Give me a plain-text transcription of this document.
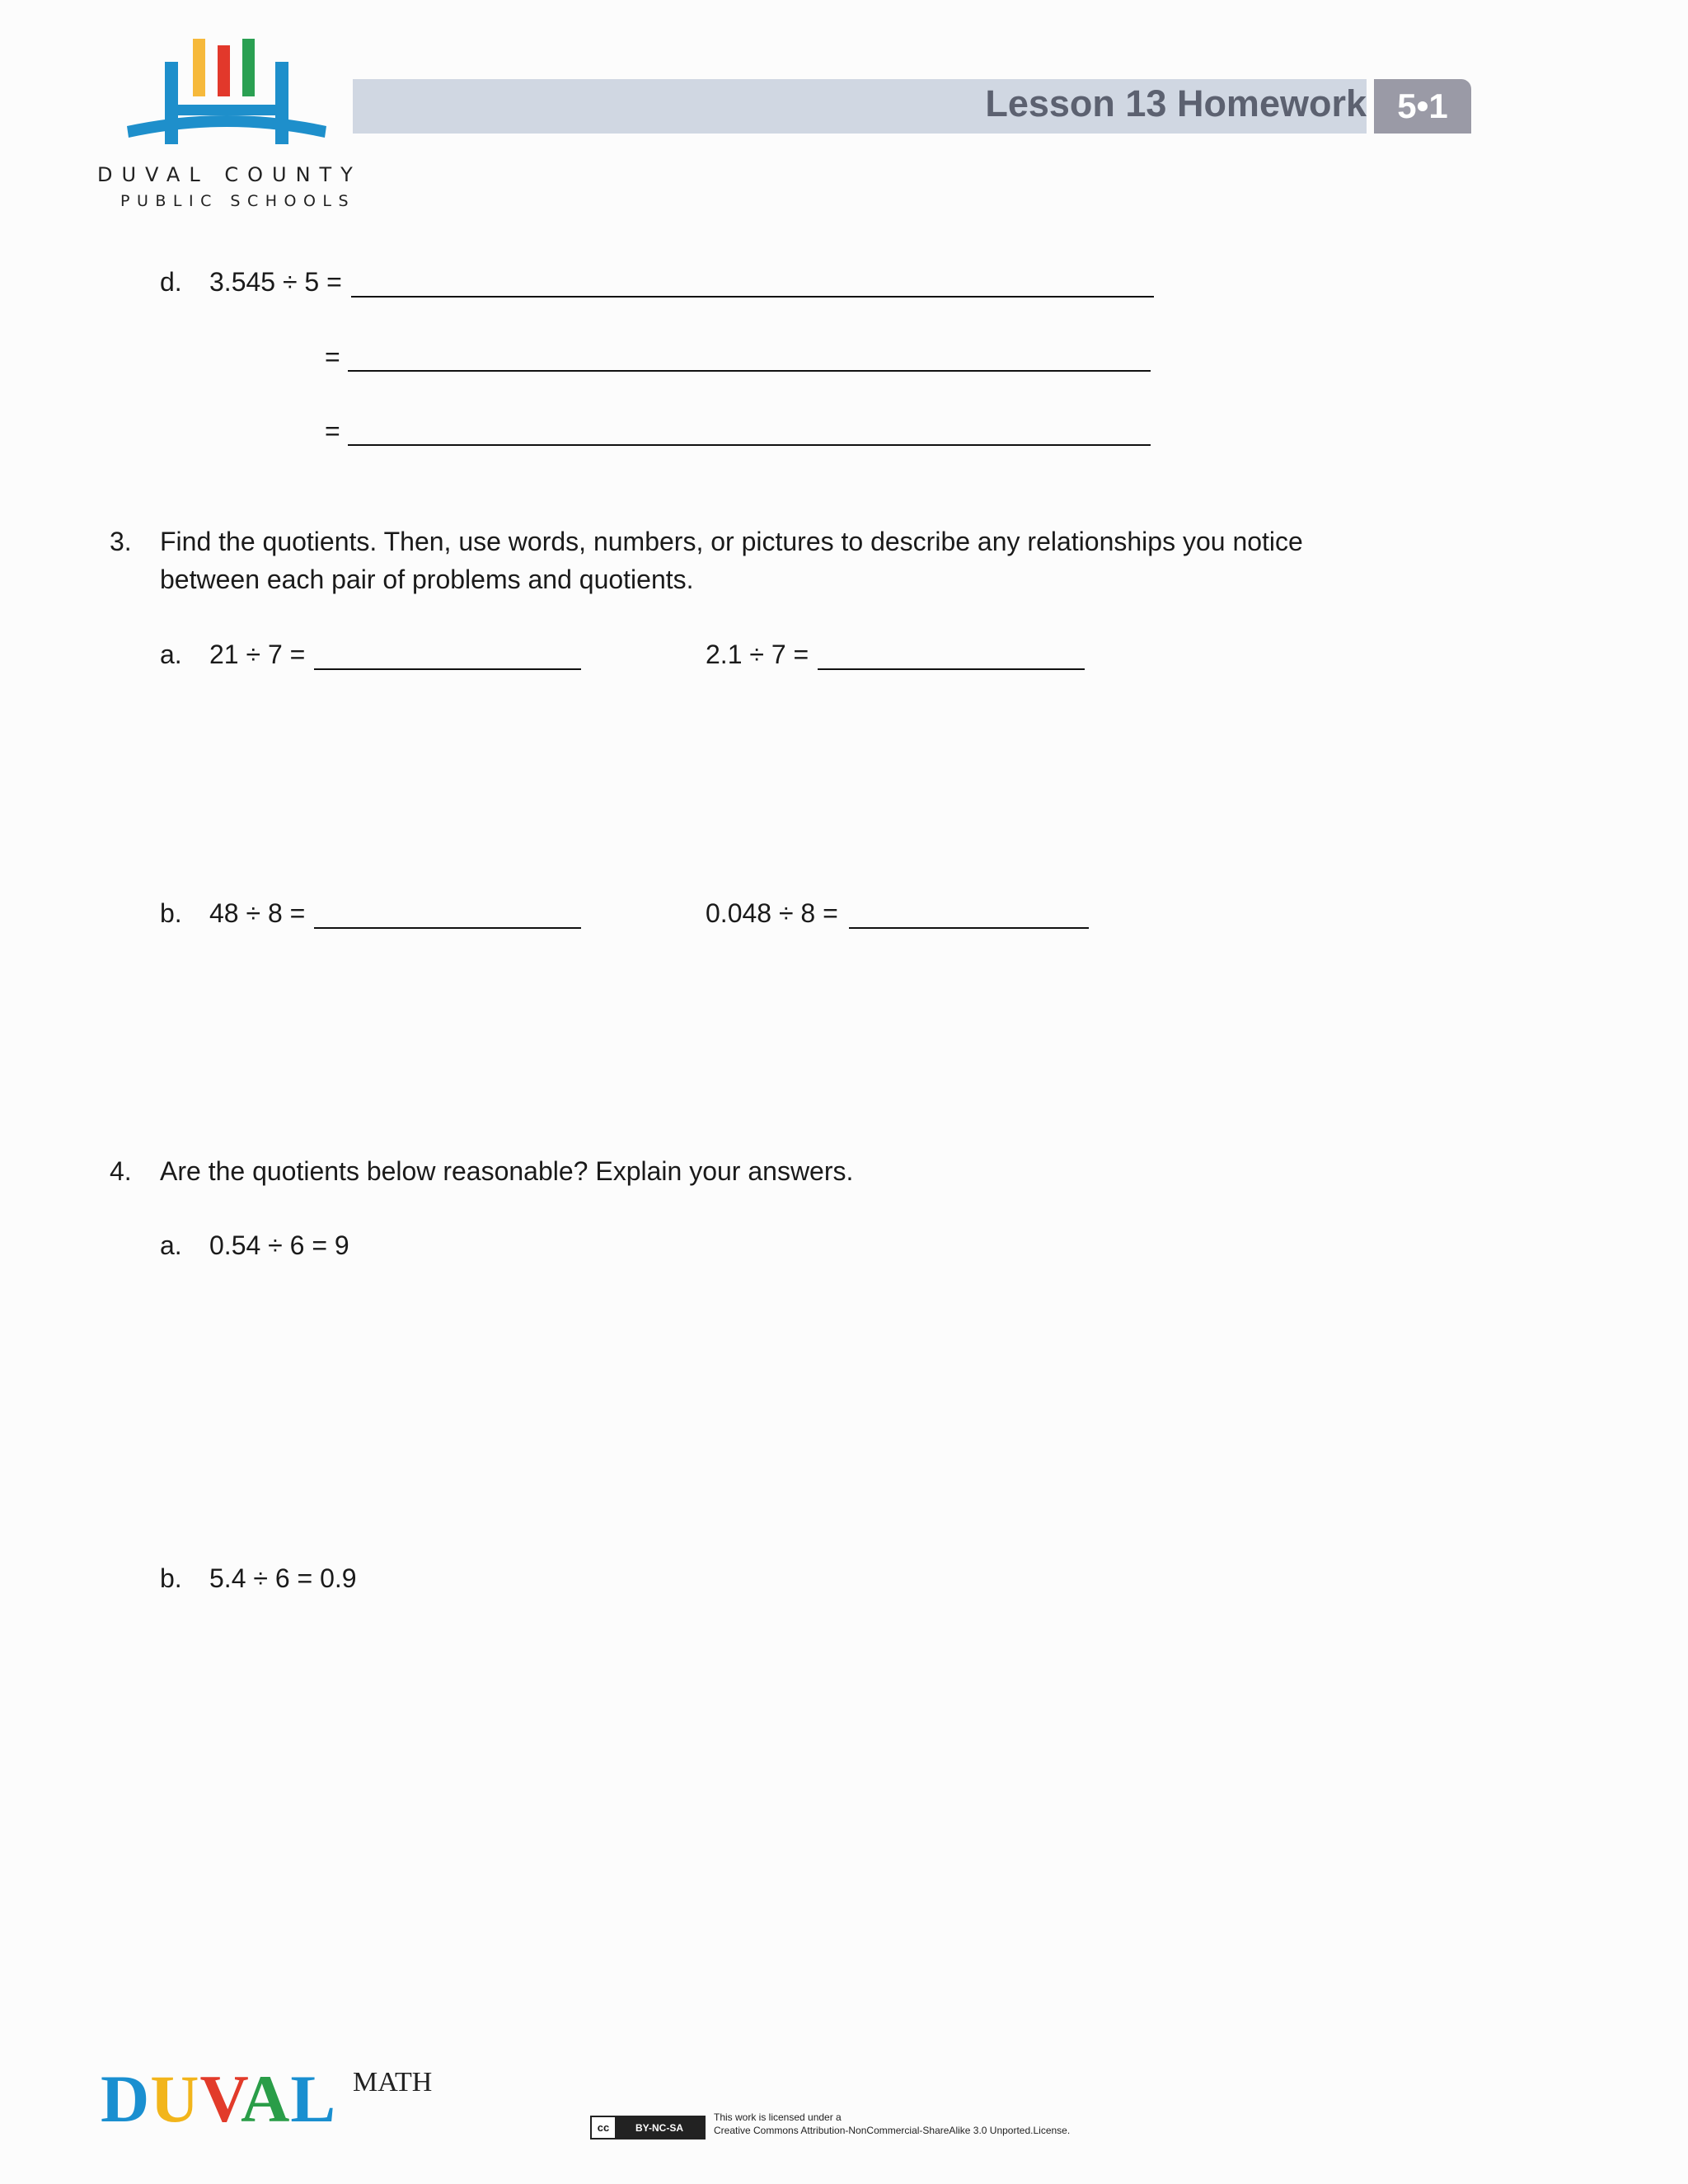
DUVAL COUNTY
PUBLIC SCHOOLS
Lesson 13 Homework 5•1
d. 3.545 ÷ 5 =
=
=
3. Find the quotients. Then, use words, numbers, or pictures to describe any relationships you notice
between each pair of problems and quotients.
a. 21 ÷ 7 =	2.1 ÷ 7 =
b. 48 ÷ 8 =	0.048 ÷ 8 =
4. Are the quotients below reasonable? Explain your answers.
a. 0.54 ÷ 6 = 9
b. 5.4 ÷ 6 = 0.9
DUVAL MATH
cc	BY-NC-SA
This work is licensed under a
Creative Commons Attribution-NonCommercial-ShareAlike 3.0 Unported.License.
